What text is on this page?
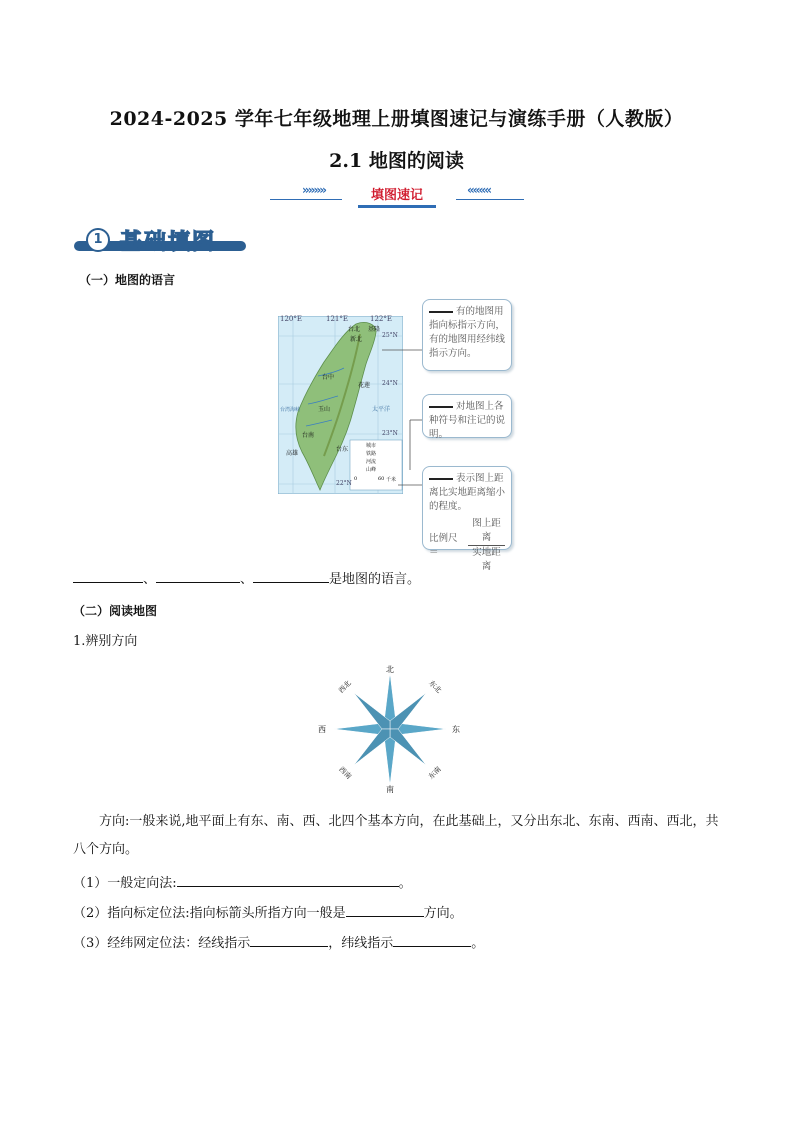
2024-2025 学年七年级地理上册填图速记与演练手册（人教版）
2.1 地图的阅读
»»»»	填图速记	««««
1 基础填图
（一）地图的语言
120°E	121°E	122°E
25°N
24°N
23°N
22°N
台北 基隆
新北
台中
台南
高雄
花莲
台东
玉山	太平洋
台湾海峡
城市
铁路
河流
山峰
0	60 千米
有的地图用指向标指示方向，有的地图用经纬线指示方向。
对地图上各种符号和注记的说明。
表示图上距离比实地距离缩小的程度。
比例尺＝
图上距离
实地距离
、	、	是地图的语言。
（二）阅读地图
1.辨别方向
北
南
东
西
东北
西北
东南
西南
方向:一般来说,地平面上有东、南、西、北四个基本方向，在此基础上，又分出东北、东南、西南、西北，共八个方向。
（1）一般定向法:	。
（2）指向标定位法:指向标箭头所指方向一般是	方向。
（3）经纬网定位法：经线指示	，纬线指示	。
